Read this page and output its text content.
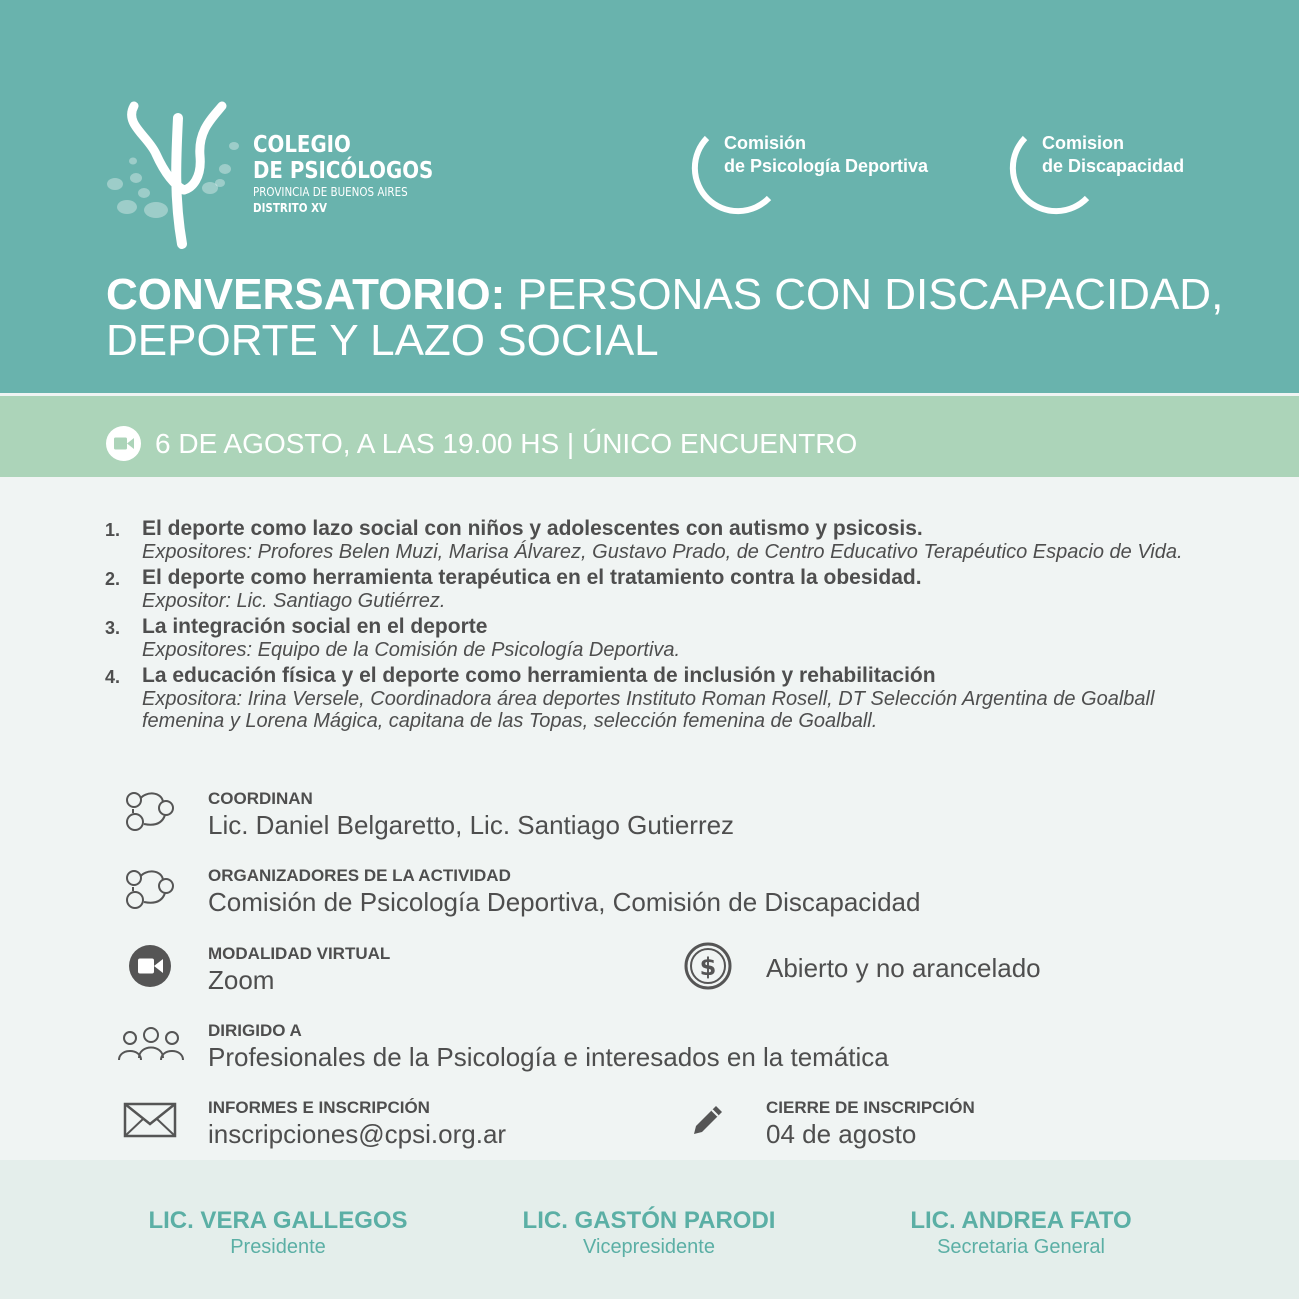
COLEGIO
DE PSICÓLOGOS
PROVINCIA DE BUENOS AIRES
DISTRITO XV
Comisión
de Psicología Deportiva
Comision
de Discapacidad
CONVERSATORIO: PERSONAS CON DISCAPACIDAD,
DEPORTE Y LAZO SOCIAL
6 DE AGOSTO, A LAS 19.00 HS | ÚNICO ENCUENTRO
1. El deporte como lazo social con niños y adolescentes con autismo y psicosis.
Expositores: Profores Belen Muzi, Marisa Álvarez, Gustavo Prado, de Centro Educativo Terapéutico Espacio de Vida.
2. El deporte como herramienta terapéutica en el tratamiento contra la obesidad.
Expositor: Lic. Santiago Gutiérrez.
3. La integración social en el deporte
Expositores: Equipo de la Comisión de Psicología Deportiva.
4. La educación física y el deporte como herramienta de inclusión y rehabilitación
Expositora: Irina Versele, Coordinadora área deportes Instituto Roman Rosell, DT Selección Argentina de Goalball femenina y Lorena Mágica, capitana de las Topas, selección femenina de Goalball.
COORDINAN
Lic. Daniel Belgaretto, Lic. Santiago Gutierrez
ORGANIZADORES DE LA ACTIVIDAD
Comisión de Psicología Deportiva, Comisión de Discapacidad
MODALIDAD VIRTUAL
Zoom	$ Abierto y no arancelado
DIRIGIDO A
Profesionales de la Psicología e interesados en la temática
INFORMES E INSCRIPCIÓN
inscripciones@cpsi.org.ar
CIERRE DE INSCRIPCIÓN
04 de agosto
LIC. VERA GALLEGOS
Presidente
LIC. GASTÓN PARODI
Vicepresidente
LIC. ANDREA FATO
Secretaria General
